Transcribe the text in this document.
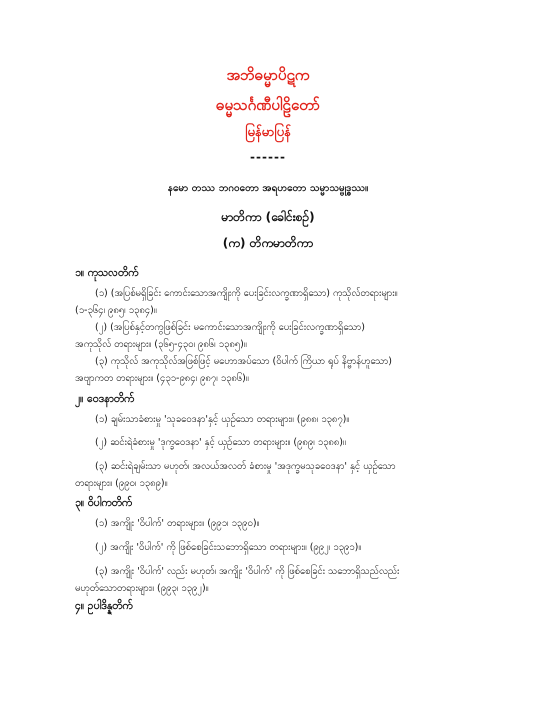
အဘိဓမ္မာပိဋက
ဓမ္မသင်္ဂဏီပါဠိတော်
မြန်မာပြန်
------
နမော တဿ ဘဂဝတော အရဟတော သမ္မာသမ္ဗုဒ္ဓဿ။
မာတိကာ (ခေါင်းစဉ်)
(က) တိကမာတိကာ
၁။ ကုသလတိက်
(၁) (အပြစ်မရှိခြင်း ကောင်းသောအကျိုးကို ပေးခြင်းလက္ခဏာရှိသော) ကုသိုလ်တရားများ။
(၁-၃၆၄၊ ၉၈၅၊ ၁၃၈၄)။
(၂) (အပြစ်နှင့်တကွဖြစ်ခြင်း မကောင်းသောအကျိုးကို ပေးခြင်းလက္ခဏာရှိသော)
အကုသိုလ် တရားများ။ (၃၆၅-၄၃၀၊ ၉၈၆၊ ၁၃၈၅)။
(၃) ကုသိုလ် အကုသိုလ်အဖြစ်ဖြင့် မဟောအပ်သော (ဝိပါက် ကြိယာ ရုပ် နိဗ္ဗာန်ဟူသော)
အဗျာကတ တရားများ။ (၄၃၁-၉၈၄၊ ၉၈၇၊ ၁၃၈၆)။
၂။ ဝေဒနာတိက်
(၁) ချမ်းသာခံစားမှု 'သုခဝေဒနာ'နှင့် ယှဉ်သော တရားများ။ (၉၈၈၊ ၁၃၈၇)။
(၂) ဆင်းရဲခံစားမှု 'ဒုက္ခဝေဒနာ' နှင့် ယှဉ်သော တရားများ။ (၉၈၉၊ ၁၃၈၈)။
(၃) ဆင်းရဲချမ်းသာ မဟုတ်၊ အလယ်အလတ် ခံစားမှု 'အဒုက္ခမသုခဝေဒနာ' နှင့် ယှဉ်သော
တရားများ။ (၉၉၀၊ ၁၃၈၉)။
၃။ ဝိပါကတိက်
(၁) အကျိုး 'ဝိပါက်' တရားများ။ (၉၉၁၊ ၁၃၉၀)။
(၂) အကျိုး 'ဝိပါက်' ကို ဖြစ်စေခြင်းသဘောရှိသော တရားများ။ (၉၉၂၊ ၁၃၉၁)။
(၃) အကျိုး 'ဝိပါက်' လည်း မဟုတ်၊ အကျိုး 'ဝိပါက်' ကို ဖြစ်စေခြင်း သဘောရှိသည်လည်း
မဟုတ်သောတရားများ။ (၉၉၃၊ ၁၃၉၂)။
၄။ ဥပါဒိန္နတိက်
